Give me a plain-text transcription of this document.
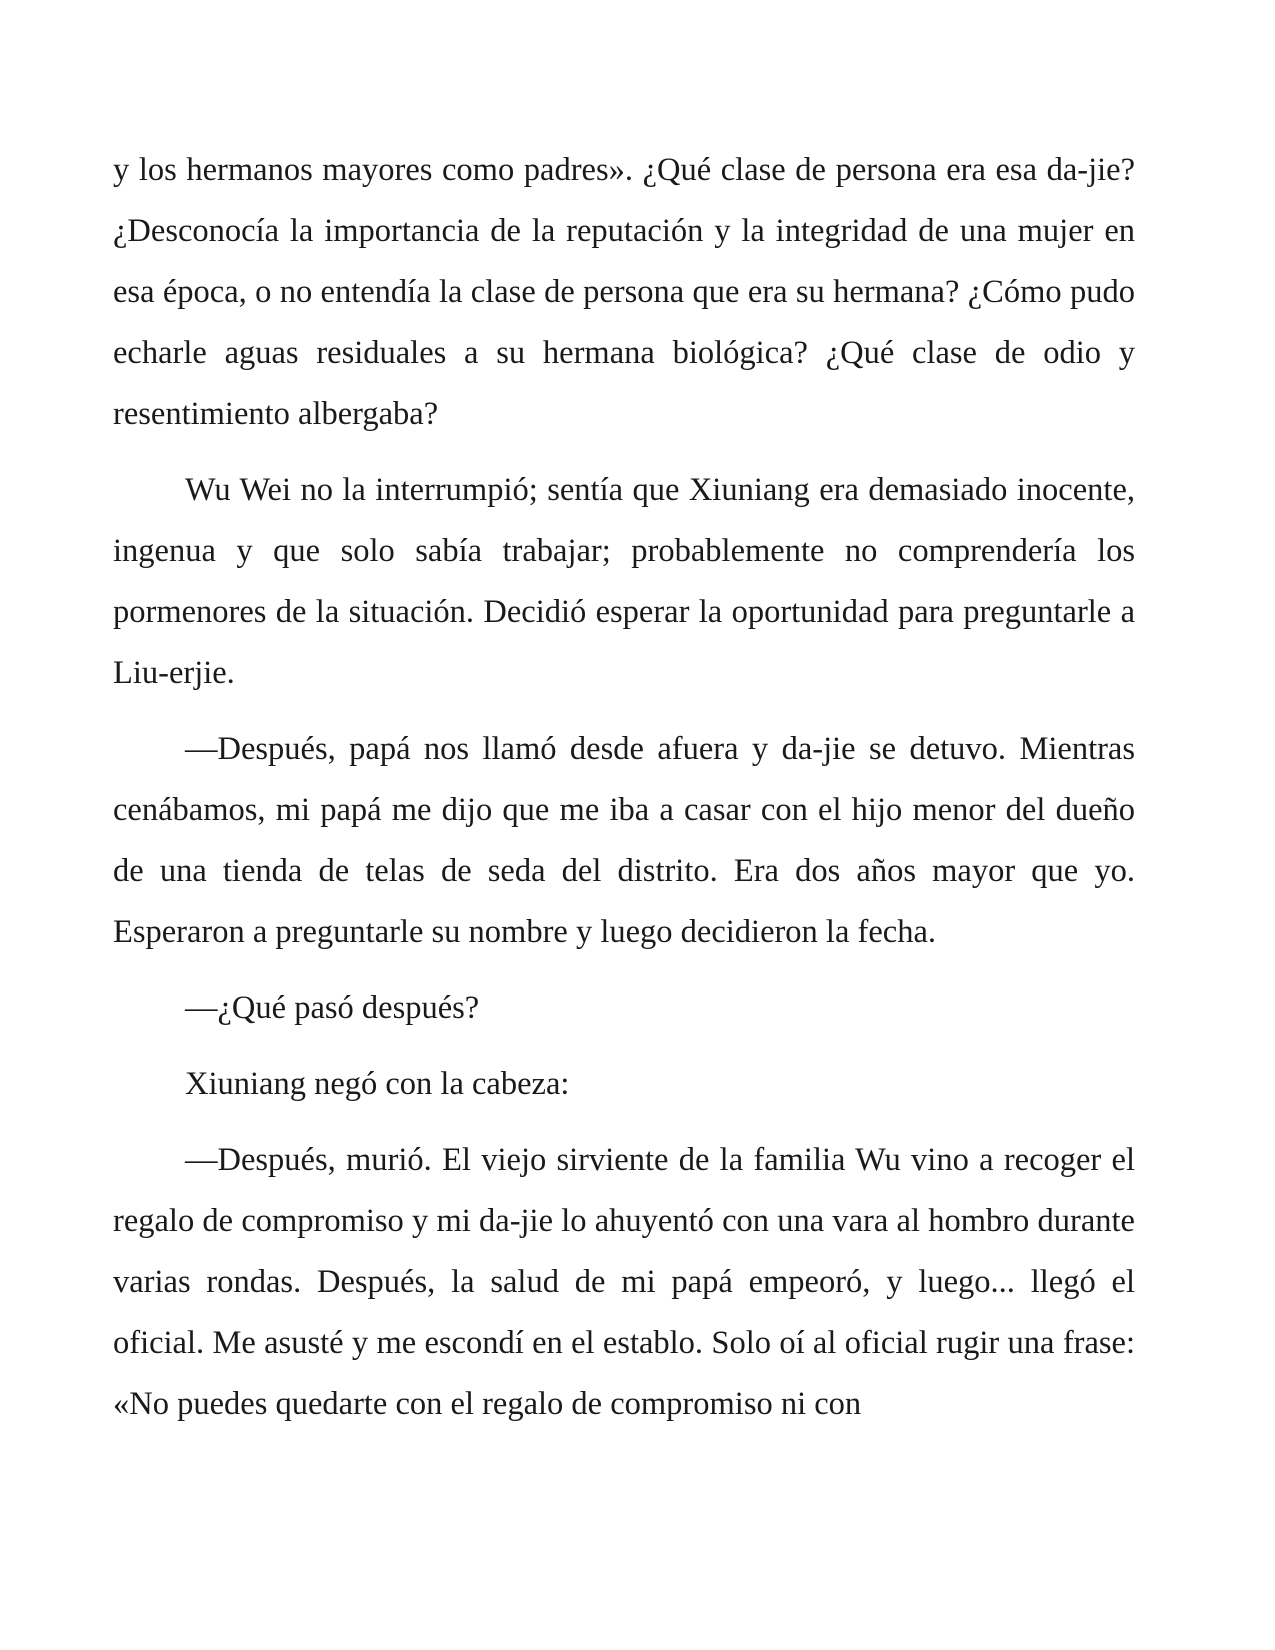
y los hermanos mayores como padres». ¿Qué clase de persona era esa da-jie? ¿Desconocía la importancia de la reputación y la integridad de una mujer en esa época, o no entendía la clase de persona que era su hermana? ¿Cómo pudo echarle aguas residuales a su hermana biológica? ¿Qué clase de odio y resentimiento albergaba?

Wu Wei no la interrumpió; sentía que Xiuniang era demasiado inocente, ingenua y que solo sabía trabajar; probablemente no comprendería los pormenores de la situación. Decidió esperar la oportunidad para preguntarle a Liu-erjie.

—Después, papá nos llamó desde afuera y da-jie se detuvo. Mientras cenábamos, mi papá me dijo que me iba a casar con el hijo menor del dueño de una tienda de telas de seda del distrito. Era dos años mayor que yo. Esperaron a preguntarle su nombre y luego decidieron la fecha.

—¿Qué pasó después?

Xiuniang negó con la cabeza:

—Después, murió. El viejo sirviente de la familia Wu vino a recoger el regalo de compromiso y mi da-jie lo ahuyentó con una vara al hombro durante varias rondas. Después, la salud de mi papá empeoró, y luego... llegó el oficial. Me asusté y me escondí en el establo. Solo oí al oficial rugir una frase: «No puedes quedarte con el regalo de compromiso ni con
